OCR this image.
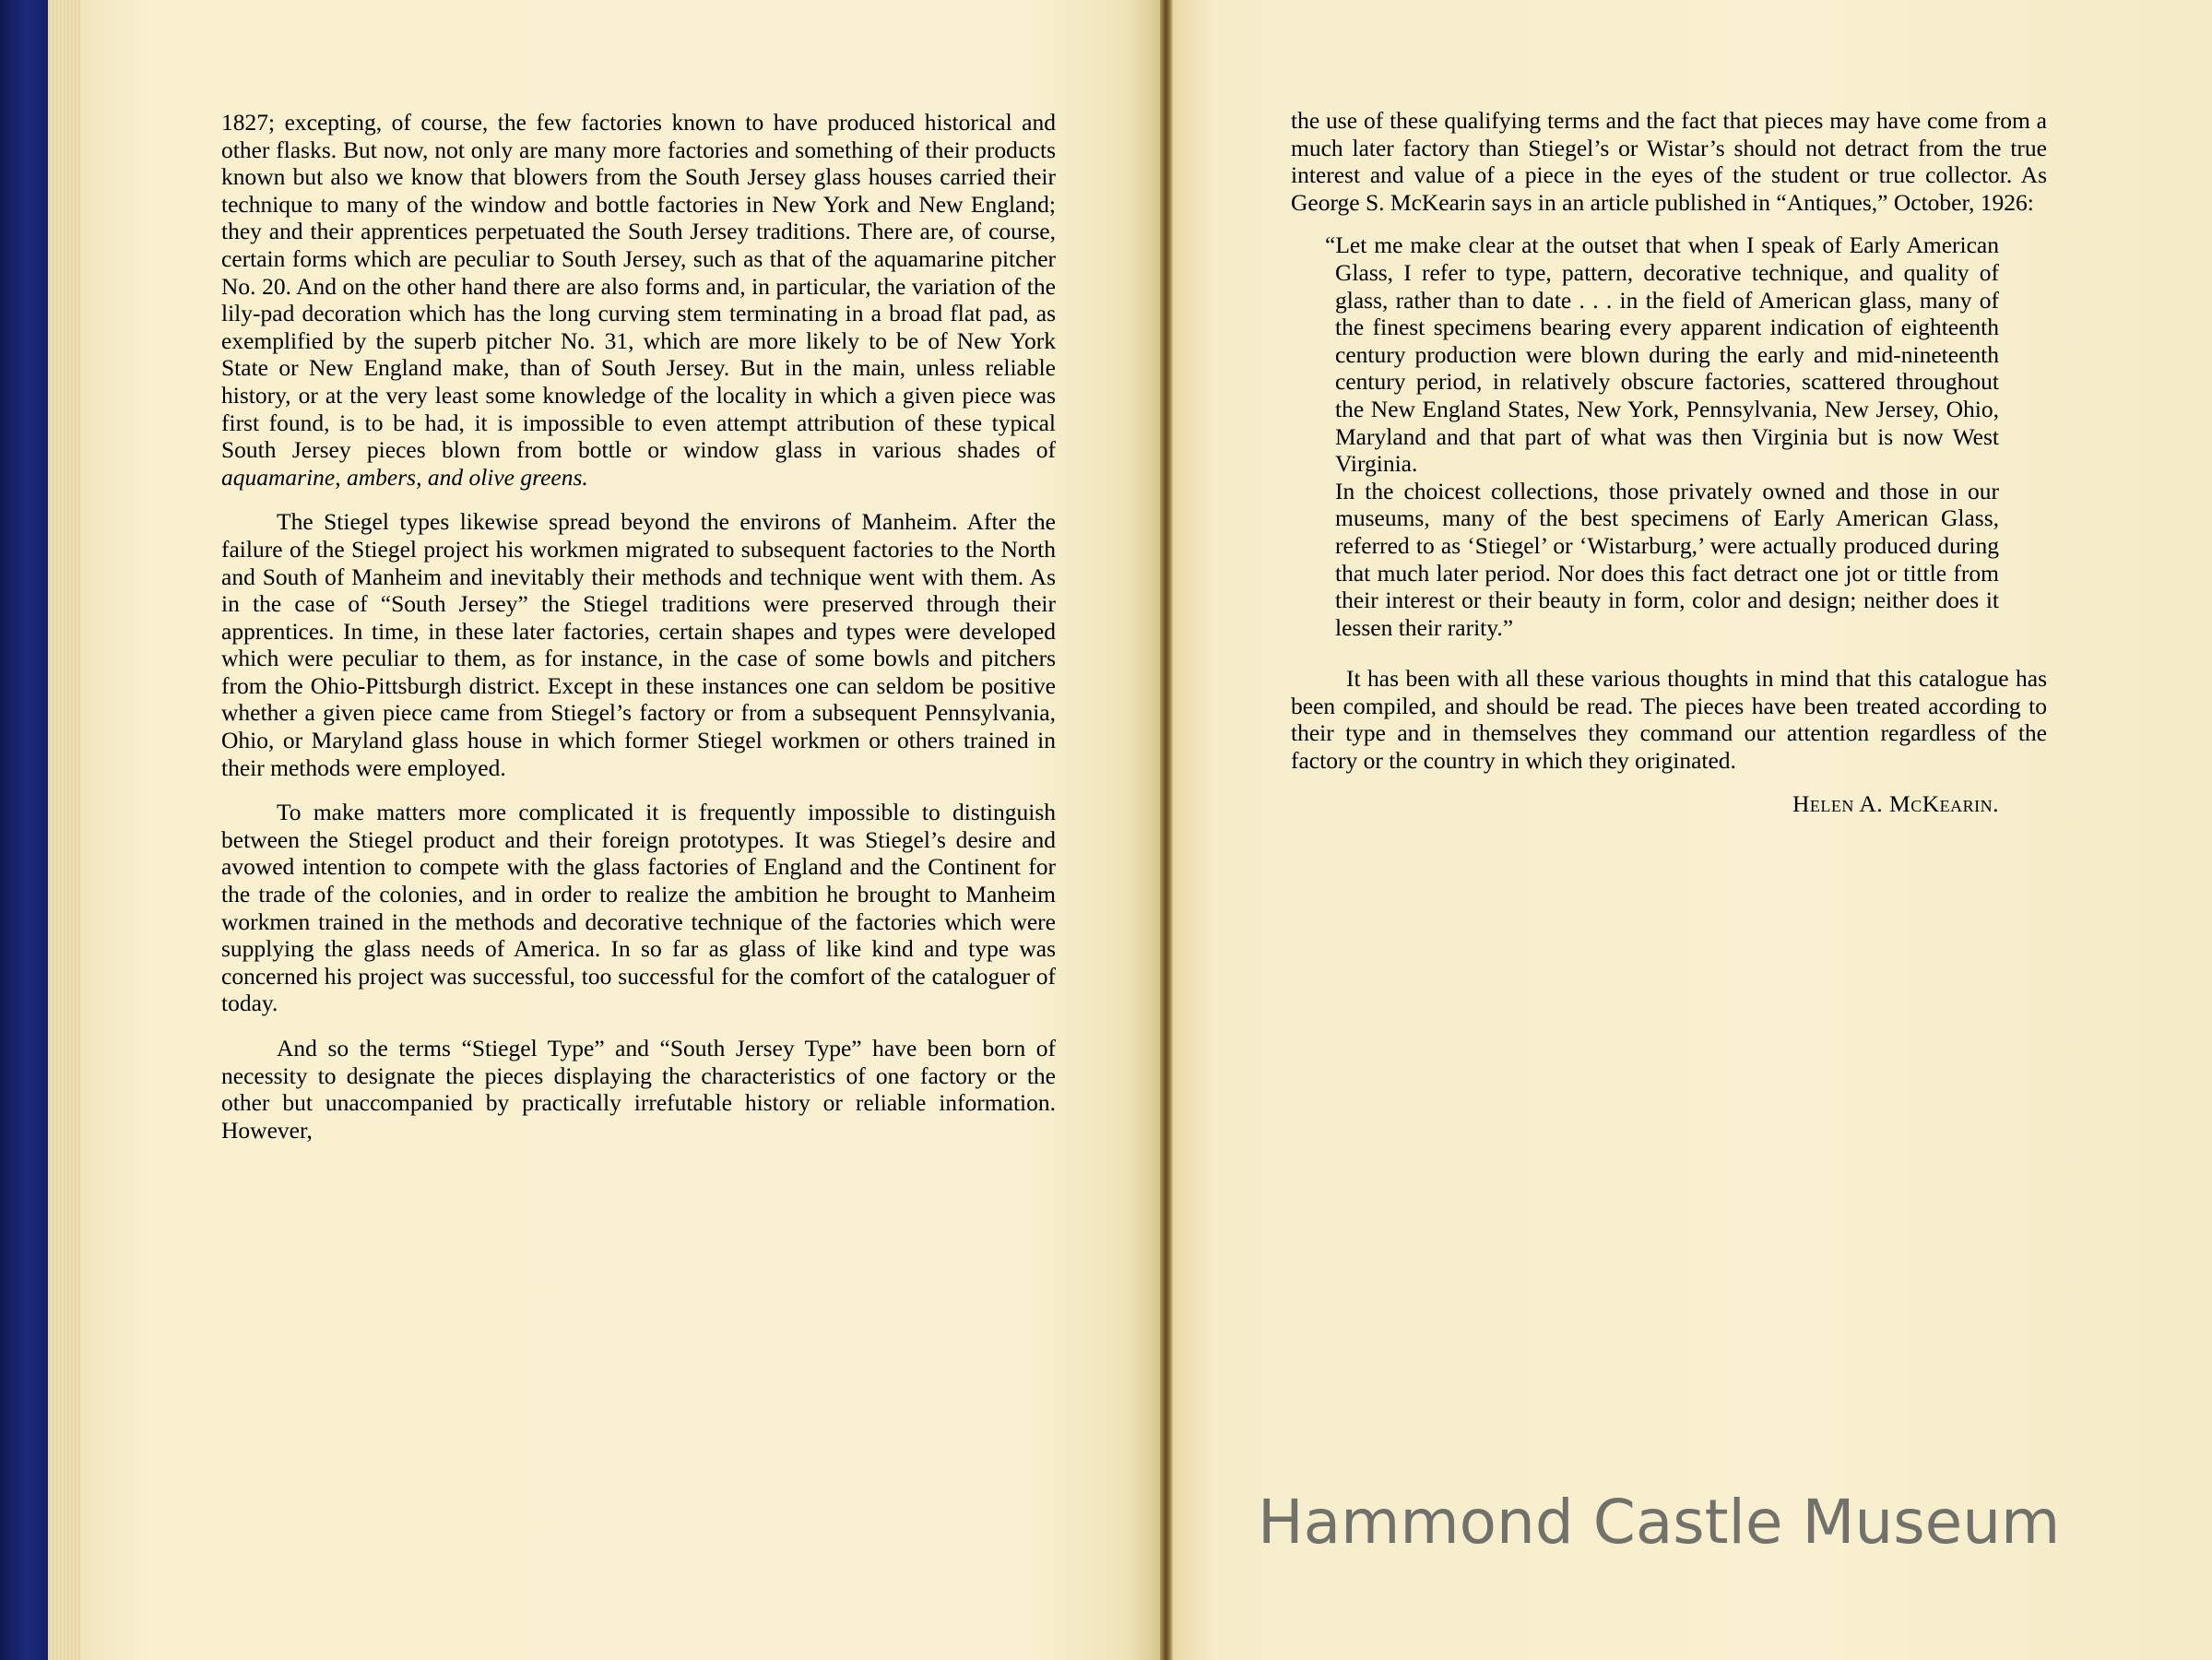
1827; excepting, of course, the few factories known to have produced historical and other flasks. But now, not only are many more factories and something of their products known but also we know that blowers from the South Jersey glass houses carried their technique to many of the window and bottle factories in New York and New England; they and their apprentices perpetuated the South Jersey traditions. There are, of course, certain forms which are peculiar to South Jersey, such as that of the aquamarine pitcher No. 20. And on the other hand there are also forms and, in particular, the variation of the lily-pad decoration which has the long curving stem terminating in a broad flat pad, as exemplified by the superb pitcher No. 31, which are more likely to be of New York State or New England make, than of South Jersey. But in the main, unless reliable history, or at the very least some knowledge of the locality in which a given piece was first found, is to be had, it is impossible to even attempt attribution of these typical South Jersey pieces blown from bottle or window glass in various shades of aquamarine, ambers, and olive greens.

The Stiegel types likewise spread beyond the environs of Manheim. After the failure of the Stiegel project his workmen migrated to subsequent factories to the North and South of Manheim and inevitably their methods and technique went with them. As in the case of “South Jersey” the Stiegel traditions were preserved through their apprentices. In time, in these later factories, certain shapes and types were developed which were peculiar to them, as for instance, in the case of some bowls and pitchers from the Ohio-Pittsburgh district. Except in these instances one can seldom be positive whether a given piece came from Stiegel’s factory or from a subsequent Pennsylvania, Ohio, or Maryland glass house in which former Stiegel workmen or others trained in their methods were employed.

To make matters more complicated it is frequently impossible to distinguish between the Stiegel product and their foreign prototypes. It was Stiegel’s desire and avowed intention to compete with the glass factories of England and the Continent for the trade of the colonies, and in order to realize the ambition he brought to Manheim workmen trained in the methods and decorative technique of the factories which were supplying the glass needs of America. In so far as glass of like kind and type was concerned his project was successful, too successful for the comfort of the cataloguer of today.

And so the terms “Stiegel Type” and “South Jersey Type” have been born of necessity to designate the pieces displaying the characteristics of one factory or the other but unaccompanied by practically irrefutable history or reliable information. However,

the use of these qualifying terms and the fact that pieces may have come from a much later factory than Stiegel’s or Wistar’s should not detract from the true interest and value of a piece in the eyes of the student or true collector. As George S. McKearin says in an article published in “Antiques,” October, 1926:

“Let me make clear at the outset that when I speak of Early American Glass, I refer to type, pattern, decorative technique, and quality of glass, rather than to date . . . in the field of American glass, many of the finest specimens bearing every apparent indication of eighteenth century production were blown during the early and mid-nineteenth century period, in relatively obscure factories, scattered throughout the New England States, New York, Pennsylvania, New Jersey, Ohio, Maryland and that part of what was then Virginia but is now West Virginia.

In the choicest collections, those privately owned and those in our museums, many of the best specimens of Early American Glass, referred to as ‘Stiegel’ or ‘Wistarburg,’ were actually produced during that much later period. Nor does this fact detract one jot or tittle from their interest or their beauty in form, color and design; neither does it lessen their rarity.”

It has been with all these various thoughts in mind that this catalogue has been compiled, and should be read. The pieces have been treated according to their type and in themselves they command our attention regardless of the factory or the country in which they originated.

Helen A. McKearin.

Hammond Castle Museum
